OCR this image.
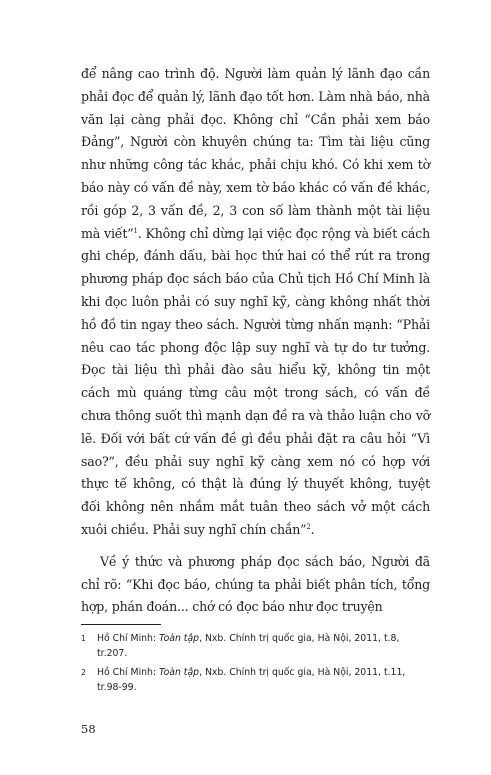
để nâng cao trình độ. Người làm quản lý lãnh đạo cần phải đọc để quản lý, lãnh đạo tốt hơn. Làm nhà báo, nhà văn lại càng phải đọc. Không chỉ “Cần phải xem báo Đảng”, Người còn khuyên chúng ta: Tìm tài liệu cũng như những công tác khác, phải chịu khó. Có khi xem tờ báo này có vấn đề này, xem tờ báo khác có vấn đề khác, rồi góp 2, 3 vấn đề, 2, 3 con số làm thành một tài liệu mà viết”$^1$. Không chỉ dừng lại việc đọc rộng và biết cách ghi chép, đánh dấu, bài học thứ hai có thể rút ra trong phương pháp đọc sách báo của Chủ tịch Hồ Chí Minh là khi đọc luôn phải có suy nghĩ kỹ, càng không nhất thời hồ đồ tin ngay theo sách. Người từng nhấn mạnh: “Phải nêu cao tác phong độc lập suy nghĩ và tự do tư tưởng. Đọc tài liệu thì phải đào sâu hiểu kỹ, không tin một cách mù quáng từng câu một trong sách, có vấn đề chưa thông suốt thì mạnh dạn đề ra và thảo luận cho vỡ lẽ. Đối với bất cứ vấn đề gì đều phải đặt ra câu hỏi “Vì sao?”, đều phải suy nghĩ kỹ càng xem nó có hợp với thực tế không, có thật là đúng lý thuyết không, tuyệt đối không nên nhắm mắt tuân theo sách vở một cách xuôi chiều. Phải suy nghĩ chín chắn”$^2$.

Về ý thức và phương pháp đọc sách báo, Người đã chỉ rõ: “Khi đọc báo, chúng ta phải biết phân tích, tổng hợp, phán đoán... chớ có đọc báo như đọc truyện

1 Hồ Chí Minh: Toàn tập, Nxb. Chính trị quốc gia, Hà Nội, 2011, t.8, tr.207.
2 Hồ Chí Minh: Toàn tập, Nxb. Chính trị quốc gia, Hà Nội, 2011, t.11, tr.98-99.
58
